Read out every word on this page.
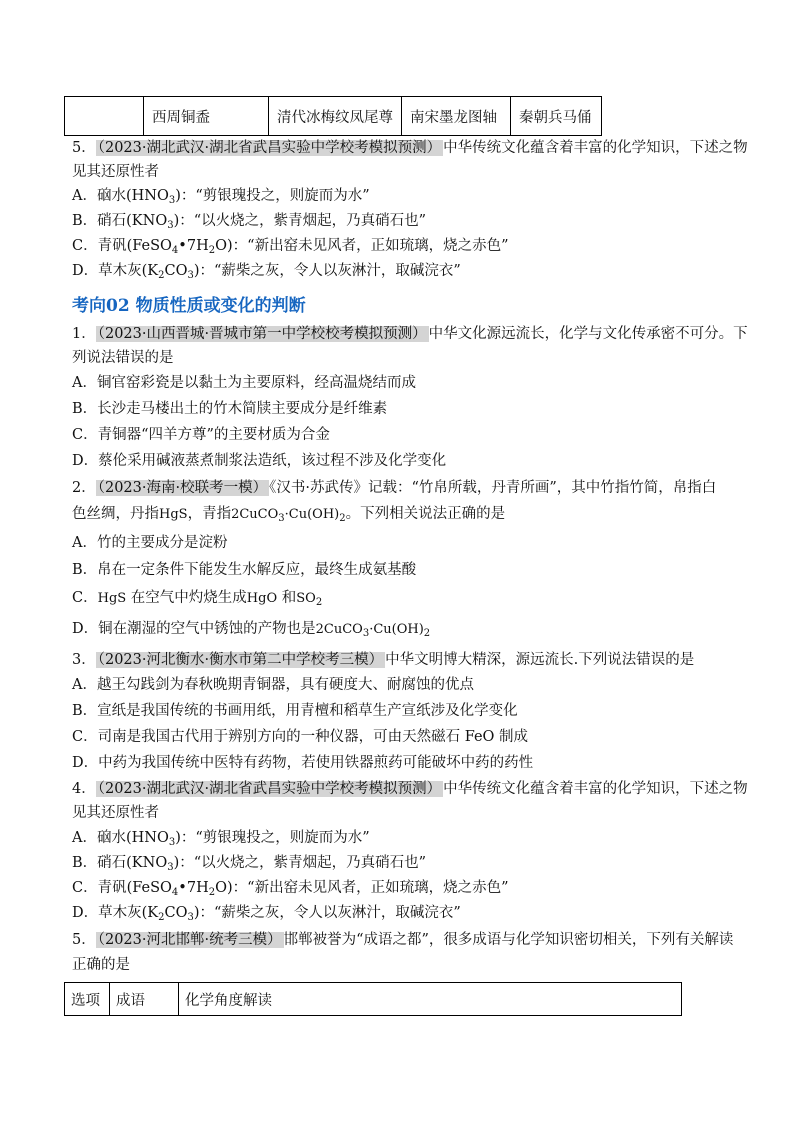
	西周铜盉	清代冰梅纹凤尾尊	南宋墨龙图轴	秦朝兵马俑
5． （2023·湖北武汉·湖北省武昌实验中学校考模拟预测） 中华传统文化蕴含着丰富的化学知识，下述之物
见其还原性者
A．硇水$(HNO_3)$：“剪银瑰投之，则旋而为水”
B．硝石$(KNO_3)$：“以火烧之，紫青烟起，乃真硝石也”
C．青矾$(FeSO_4•7H_2O)$：“新出窑未见风者，正如琉璃，烧之赤色”
D．草木灰$(K_2CO_3)$：“薪柴之灰，令人以灰淋汁，取碱浣衣”
考向02 物质性质或变化的判断
1． （2023·山西晋城·晋城市第一中学校校考模拟预测） 中华文化源远流长，化学与文化传承密不可分。下
列说法错误的是
A．铜官窑彩瓷是以黏土为主要原料，经高温烧结而成
B．长沙走马楼出土的竹木简牍主要成分是纤维素
C．青铜器“四羊方尊”的主要材质为合金
D．蔡伦采用碱液蒸煮制浆法造纸，该过程不涉及化学变化
2． （2023·海南·校联考一模） 《汉书·苏武传》记载：“竹帛所载，丹青所画”，其中竹指竹简，帛指白
色丝绸，丹指HgS，青指$2CuCO_3\cdot Cu(OH)_2$。下列相关说法正确的是
A．竹的主要成分是淀粉
B．帛在一定条件下能发生水解反应，最终生成氨基酸
C．HgS 在空气中灼烧生成HgO 和$SO_2$
D．铜在潮湿的空气中锈蚀的产物也是$2CuCO_3\cdot Cu(OH)_2$
3． （2023·河北衡水·衡水市第二中学校考三模） 中华文明博大精深，源远流长.下列说法错误的是
A．越王勾践剑为春秋晚期青铜器，具有硬度大、耐腐蚀的优点
B．宣纸是我国传统的书画用纸，用青檀和稻草生产宣纸涉及化学变化
C．司南是我国古代用于辨别方向的一种仪器，可由天然磁石 FeO 制成
D．中药为我国传统中医特有药物，若使用铁器煎药可能破坏中药的药性
4． （2023·湖北武汉·湖北省武昌实验中学校考模拟预测） 中华传统文化蕴含着丰富的化学知识，下述之物
见其还原性者
A．硇水$(HNO_3)$：“剪银瑰投之，则旋而为水”
B．硝石$(KNO_3)$：“以火烧之，紫青烟起，乃真硝石也”
C．青矾$(FeSO_4•7H_2O)$：“新出窑未见风者，正如琉璃，烧之赤色”
D．草木灰$(K_2CO_3)$：“薪柴之灰，令人以灰淋汁，取碱浣衣”
5． （2023·河北邯郸·统考三模） 邯郸被誉为“成语之都”，很多成语与化学知识密切相关，下列有关解读
正确的是
选项	成语	化学角度解读
